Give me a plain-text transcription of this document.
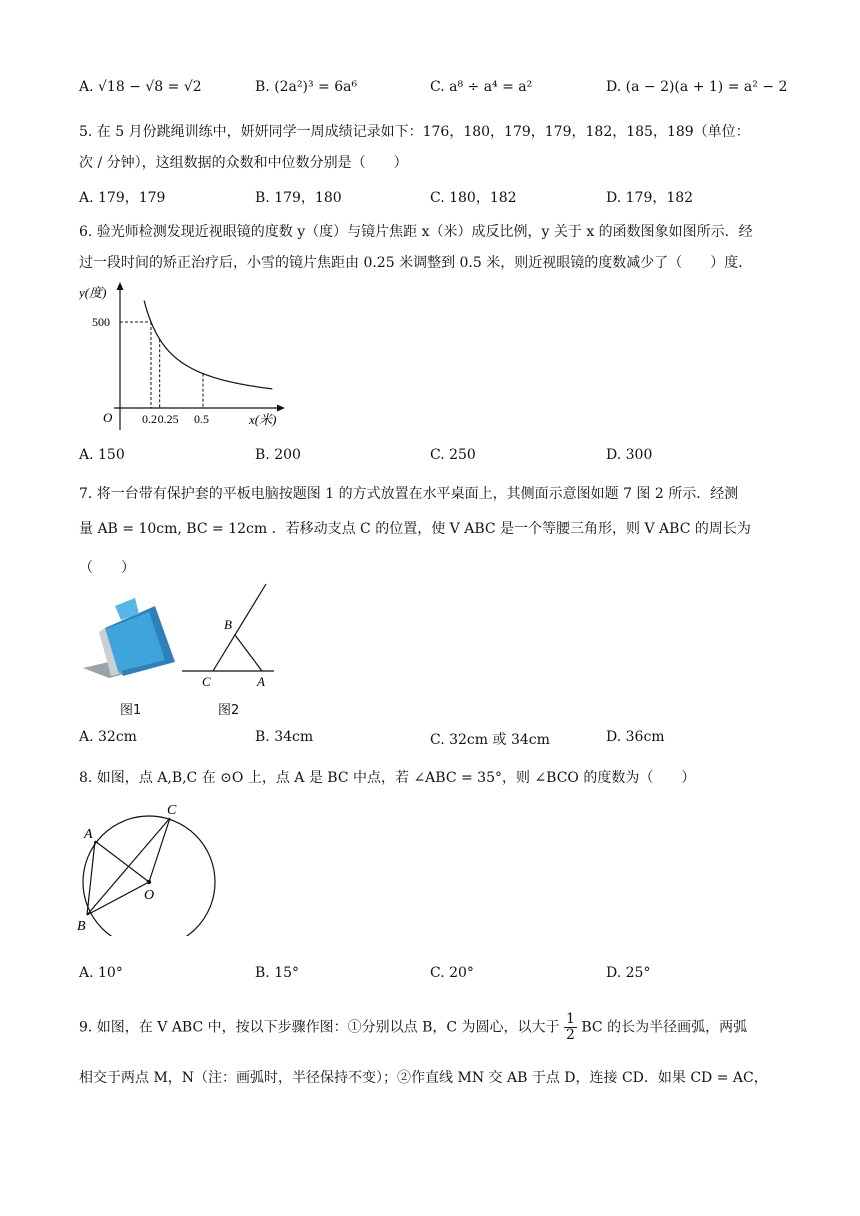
A. √18 − √8 = √2	B. (2a²)³ = 6a⁶	C. a⁸ ÷ a⁴ = a²	D. (a − 2)(a + 1) = a² − 2
5. 在 5 月份跳绳训练中，妍妍同学一周成绩记录如下：176，180，179，179，182，185，189（单位：
次 / 分钟），这组数据的众数和中位数分别是（　　）
A. 179，179	B. 179，180	C. 180，182	D. 179，182
6. 验光师检测发现近视眼镜的度数 y（度）与镜片焦距 x（米）成反比例，y 关于 x 的函数图象如图所示．经
过一段时间的矫正治疗后，小雪的镜片焦距由 0.25 米调整到 0.5 米，则近视眼镜的度数减少了（　　）度．
y(度)
x(米)
O 0.2 0.25 0.5
500
A. 150	B. 200	C. 250	D. 300
7. 将一台带有保护套的平板电脑按题图 1 的方式放置在水平桌面上，其侧面示意图如题 7 图 2 所示．经测
量 AB = 10cm, BC = 12cm ．若移动支点 C 的位置，使 V ABC 是一个等腰三角形，则 V ABC 的周长为
（　　）
图1
B
C	A
图2
A. 32cm	B. 34cm	C. 32cm 或 34cm	D. 36cm
8. 如图，点 A,B,C 在 ⊙O 上，点 A 是 BC 中点，若 ∠ABC = 35°，则 ∠BCO 的度数为（　　）
A
B
C
O
A. 10°	B. 15°	C. 20°	D. 25°
9. 如图，在 V ABC 中，按以下步骤作图：①分别以点 B，C 为圆心，以大于 $\frac{1}{2}$ BC 的长为半径画弧，两弧
相交于两点 M，N（注：画弧时，半径保持不变）；②作直线 MN 交 AB 于点 D，连接 CD．如果 CD = AC，
